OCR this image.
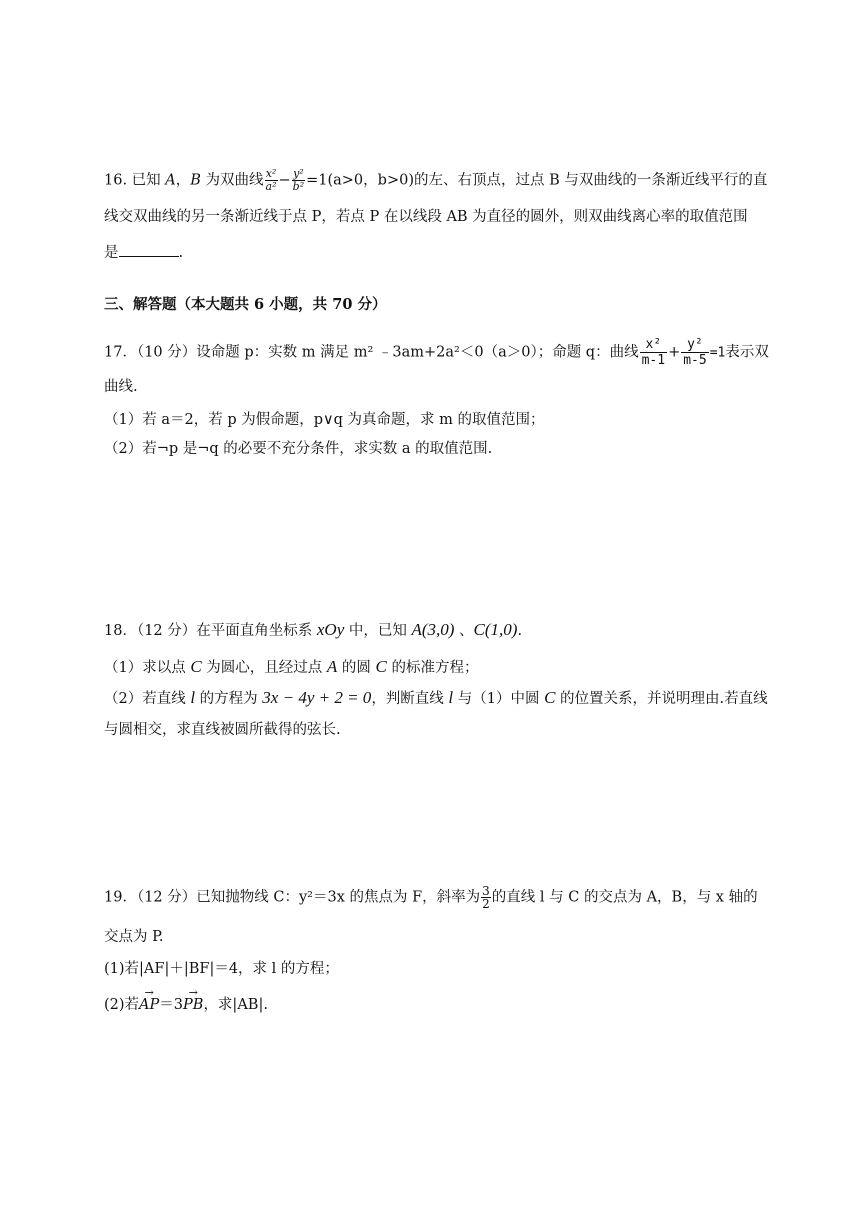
16. 已知 A，B 为双曲线 $\frac{\text{x²}}{\text{a²}} - \frac{\text{y²}}{\text{b²}} =1(a>0$，b>0)的左、右顶点，过点 B 与双曲线的一条渐近线平行的直
线交双曲线的另一条渐近线于点 P，若点 P 在以线段 AB 为直径的圆外，则双曲线离心率的取值范围
是	.
三、解答题（本大题共 6 小题，共 70 分）
17．（10 分）设命题 p：实数 m 满足 m² ﹣3am+2a²＜0（a＞0）；命题 q：曲线 $\frac{\text{x²}}{m-1} + \frac{\text{y²}}{m-5} =1$表示双
曲线.
（1）若 a＝2，若 p 为假命题，p∨q 为真命题，求 m 的取值范围；
（2）若¬p 是¬q 的必要不充分条件，求实数 a 的取值范围.
18．（12 分）在平面直角坐标系 xOy 中，已知 A(3,0) 、C(1,0).
（1）求以点 C 为圆心，且经过点 A 的圆 C 的标准方程；
（2）若直线 l 的方程为 3x − 4y + 2 = 0，判断直线 l 与（1）中圆 C 的位置关系，并说明理由.若直线
与圆相交，求直线被圆所截得的弦长.
19．（12 分）已知抛物线 C：y²＝3x 的焦点为 F，斜率为 $\frac{3}{2}$ 的直线 l 与 C 的交点为 A，B，与 x 轴的
交点为 P.
(1)若|AF|＋|BF|＝4，求 l 的方程；
(2)若→ AP＝3→ PB，求|AB|.
